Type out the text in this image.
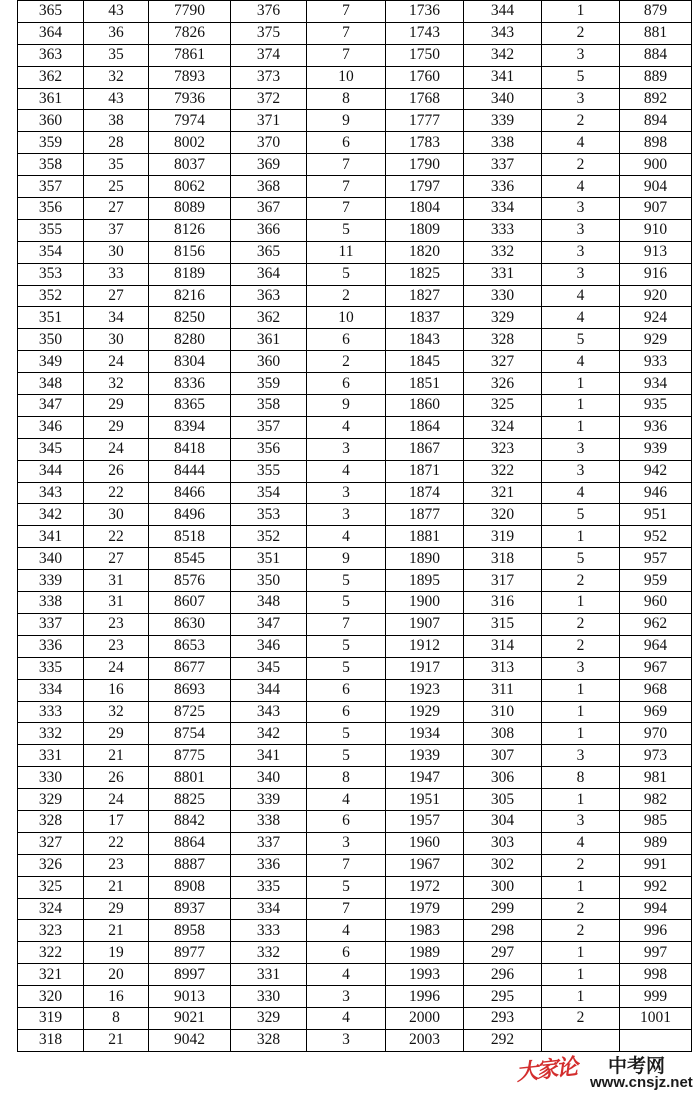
365	43	7790	376	7	1736	344	1	879
364	36	7826	375	7	1743	343	2	881
363	35	7861	374	7	1750	342	3	884
362	32	7893	373	10	1760	341	5	889
361	43	7936	372	8	1768	340	3	892
360	38	7974	371	9	1777	339	2	894
359	28	8002	370	6	1783	338	4	898
358	35	8037	369	7	1790	337	2	900
357	25	8062	368	7	1797	336	4	904
356	27	8089	367	7	1804	334	3	907
355	37	8126	366	5	1809	333	3	910
354	30	8156	365	11	1820	332	3	913
353	33	8189	364	5	1825	331	3	916
352	27	8216	363	2	1827	330	4	920
351	34	8250	362	10	1837	329	4	924
350	30	8280	361	6	1843	328	5	929
349	24	8304	360	2	1845	327	4	933
348	32	8336	359	6	1851	326	1	934
347	29	8365	358	9	1860	325	1	935
346	29	8394	357	4	1864	324	1	936
345	24	8418	356	3	1867	323	3	939
344	26	8444	355	4	1871	322	3	942
343	22	8466	354	3	1874	321	4	946
342	30	8496	353	3	1877	320	5	951
341	22	8518	352	4	1881	319	1	952
340	27	8545	351	9	1890	318	5	957
339	31	8576	350	5	1895	317	2	959
338	31	8607	348	5	1900	316	1	960
337	23	8630	347	7	1907	315	2	962
336	23	8653	346	5	1912	314	2	964
335	24	8677	345	5	1917	313	3	967
334	16	8693	344	6	1923	311	1	968
333	32	8725	343	6	1929	310	1	969
332	29	8754	342	5	1934	308	1	970
331	21	8775	341	5	1939	307	3	973
330	26	8801	340	8	1947	306	8	981
329	24	8825	339	4	1951	305	1	982
328	17	8842	338	6	1957	304	3	985
327	22	8864	337	3	1960	303	4	989
326	23	8887	336	7	1967	302	2	991
325	21	8908	335	5	1972	300	1	992
324	29	8937	334	7	1979	299	2	994
323	21	8958	333	4	1983	298	2	996
322	19	8977	332	6	1989	297	1	997
321	20	8997	331	4	1993	296	1	998
320	16	9013	330	3	1996	295	1	999
319	8	9021	329	4	2000	293	2	1001
318	21	9042	328	3	2003	292		
大家论 中考网
www.cnsjz.net
